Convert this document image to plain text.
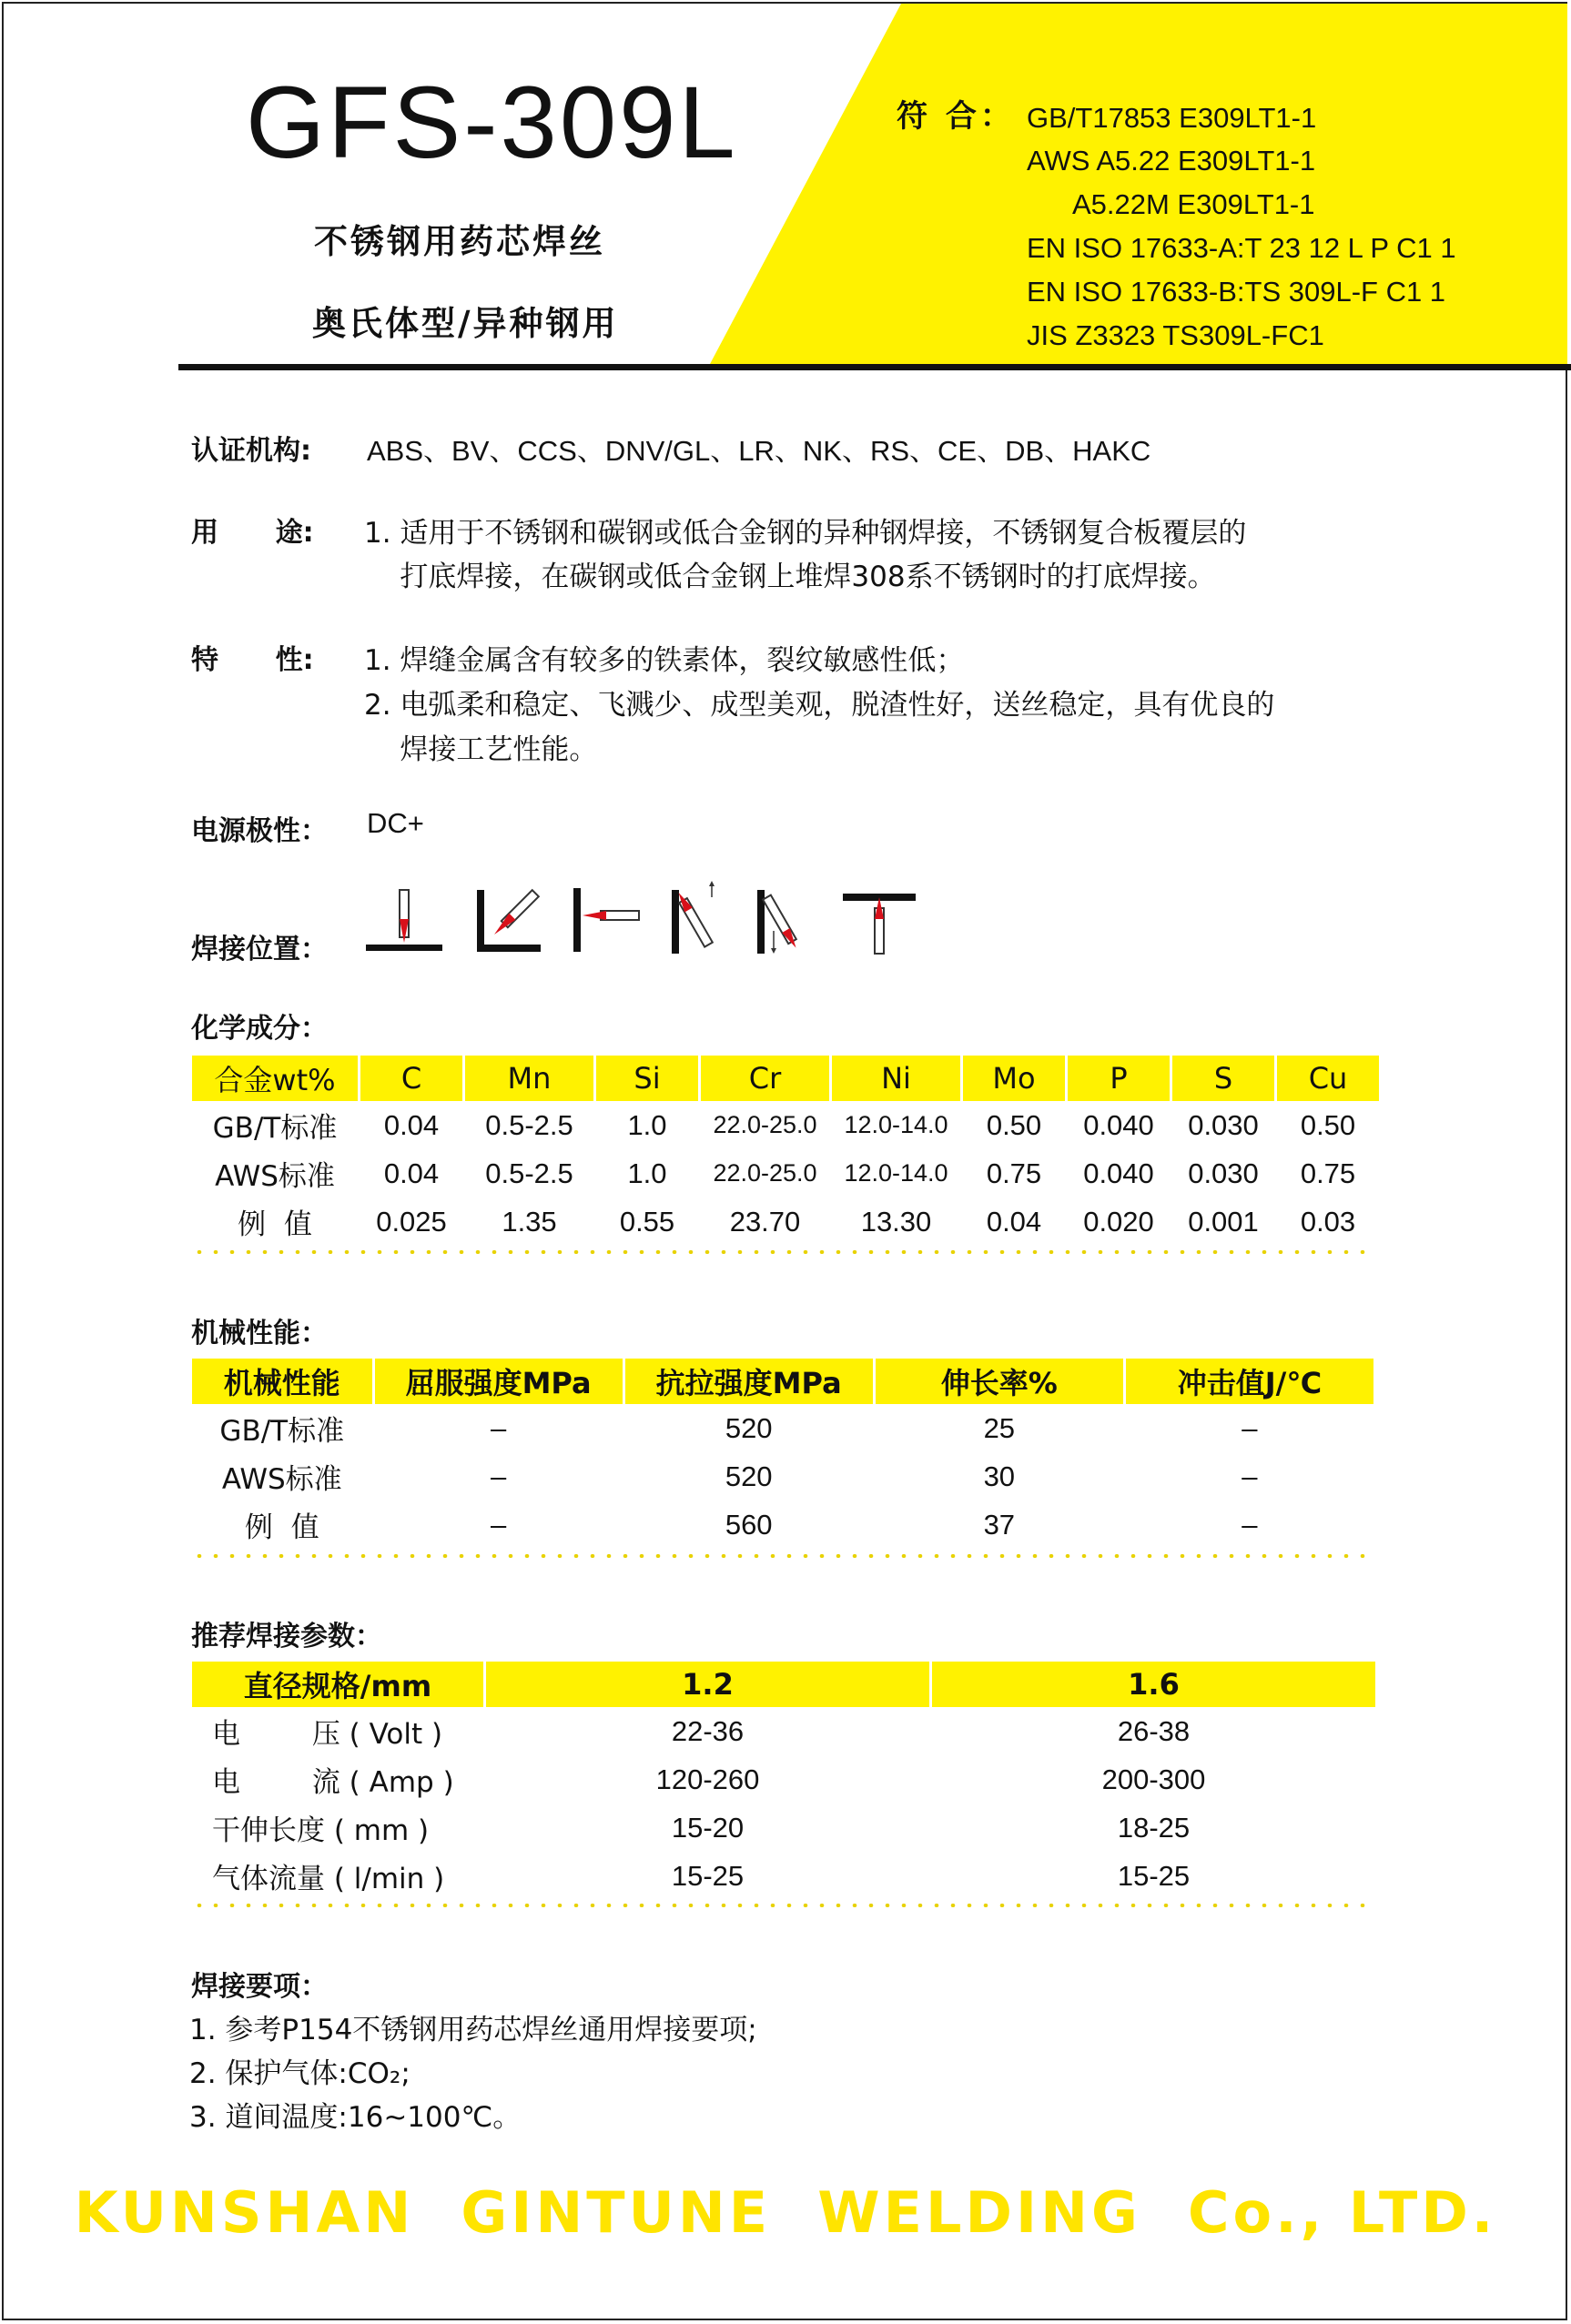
GFS-309L
不锈钢用药芯焊丝
奥氏体型/异种钢用
符 合： GB/T17853 E309LT1-1
AWS A5.22 E309LT1-1
A5.22M E309LT1-1
EN ISO 17633-A:T 23 12 L P C1 1
EN ISO 17633-B:TS 309L-F C1 1
JIS Z3323 TS309L-FC1
认证机构: ABS、BV、CCS、DNV/GL、LR、NK、RS、CE、DB、HAKC
用      途: 1. 适用于不锈钢和碳钢或低合金钢的异种钢焊接，不锈钢复合板覆层的
打底焊接，在碳钢或低合金钢上堆焊308系不锈钢时的打底焊接。
特      性: 1. 焊缝金属含有较多的铁素体，裂纹敏感性低；
2. 电弧柔和稳定、飞溅少、成型美观，脱渣性好，送丝稳定，具有优良的
焊接工艺性能。
电源极性： DC+
焊接位置：
化学成分：
合金wt%	C	Mn	Si	Cr	Ni	Mo	P	S	Cu
GB/T标准	0.04	0.5-2.5	1.0	22.0-25.0	12.0-14.0	0.50	0.040	0.030	0.50
AWS标准	0.04	0.5-2.5	1.0	22.0-25.0	12.0-14.0	0.75	0.040	0.030	0.75
例  值	0.025	1.35	0.55	23.70	13.30	0.04	0.020	0.001	0.03
机械性能：
机械性能	屈服强度MPa	抗拉强度MPa	伸长率%	冲击值J/℃
GB/T标准	–	520	25	–
AWS标准	–	520	30	–
例  值	–	560	37	–
推荐焊接参数：
直径规格/mm	1.2	1.6
电        压 ( Volt )	22-36	26-38
电        流 ( Amp )	120-260	200-300
干伸长度 ( mm )	15-20	18-25
气体流量 ( l/min )	15-25	15-25
焊接要项：
1. 参考P154不锈钢用药芯焊丝通用焊接要项;
2. 保护气体:CO₂;
3. 道间温度:16~100℃。
KUNSHAN  GINTUNE  WELDING  Co., LTD.
